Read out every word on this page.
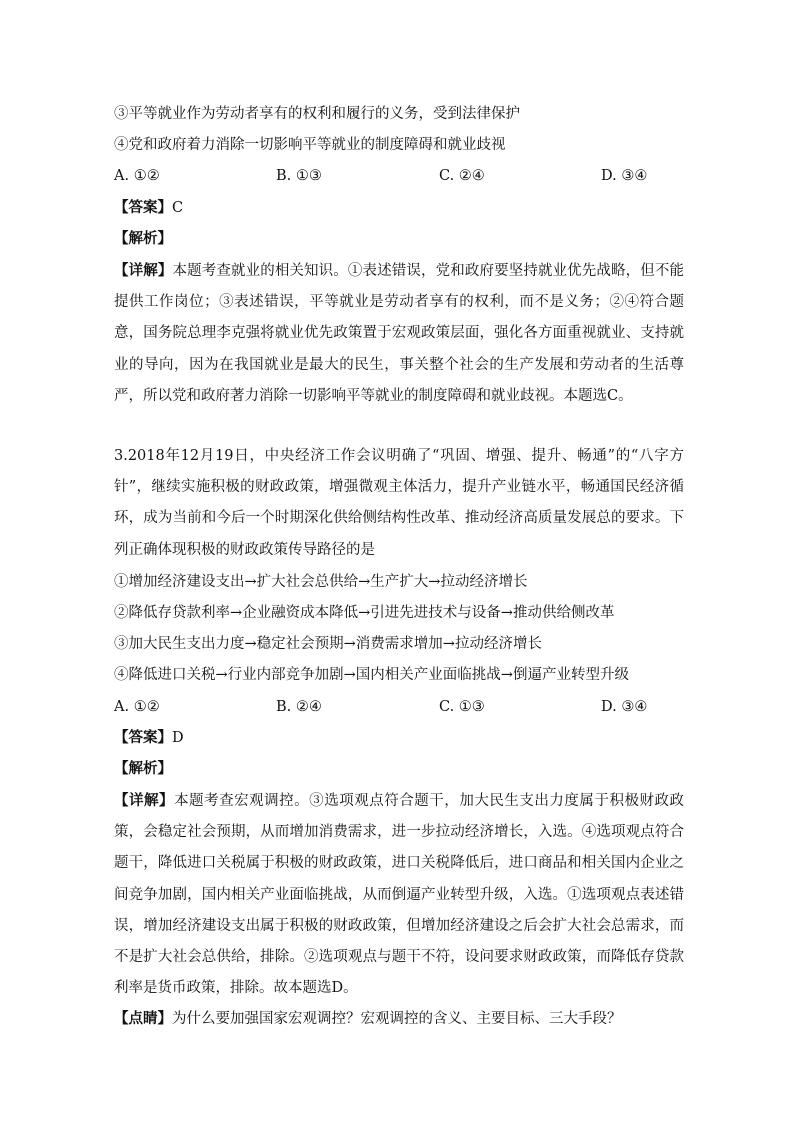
③平等就业作为劳动者享有的权利和履行的义务，受到法律保护
④党和政府着力消除一切影响平等就业的制度障碍和就业歧视
A. ①②	B. ①③	C. ②④	D. ③④
【答案】C
【解析】
【详解】本题考查就业的相关知识。①表述错误，党和政府要坚持就业优先战略，但不能提供工作岗位；③表述错误，平等就业是劳动者享有的权利，而不是义务；②④符合题意，国务院总理李克强将就业优先政策置于宏观政策层面，强化各方面重视就业、支持就业的导向，因为在我国就业是最大的民生，事关整个社会的生产发展和劳动者的生活尊严，所以党和政府著力消除一切影响平等就业的制度障碍和就业歧视。本题选C。
3.2018年12月19日，中央经济工作会议明确了“巩固、增强、提升、畅通”的“八字方针”，继续实施积极的财政政策，增强微观主体活力，提升产业链水平，畅通国民经济循环，成为当前和今后一个时期深化供给侧结构性改革、推动经济高质量发展总的要求。下列正确体现积极的财政政策传导路径的是
①增加经济建设支出→扩大社会总供给→生产扩大→拉动经济增长
②降低存贷款利率→企业融资成本降低→引进先进技术与设备→推动供给侧改革
③加大民生支出力度→稳定社会预期→消费需求增加→拉动经济增长
④降低进口关税→行业内部竞争加剧→国内相关产业面临挑战→倒逼产业转型升级
A. ①②	B. ②④	C. ①③	D. ③④
【答案】D
【解析】
【详解】本题考查宏观调控。③选项观点符合题干，加大民生支出力度属于积极财政政策，会稳定社会预期，从而增加消费需求，进一步拉动经济增长，入选。④选项观点符合题干，降低进口关税属于积极的财政政策，进口关税降低后，进口商品和相关国内企业之间竞争加剧，国内相关产业面临挑战，从而倒逼产业转型升级，入选。①选项观点表述错误，增加经济建设支出属于积极的财政政策，但增加经济建设之后会扩大社会总需求，而不是扩大社会总供给，排除。②选项观点与题干不符，设问要求财政政策，而降低存贷款利率是货币政策，排除。故本题选D。
【点睛】为什么要加强国家宏观调控？宏观调控的含义、主要目标、三大手段？
